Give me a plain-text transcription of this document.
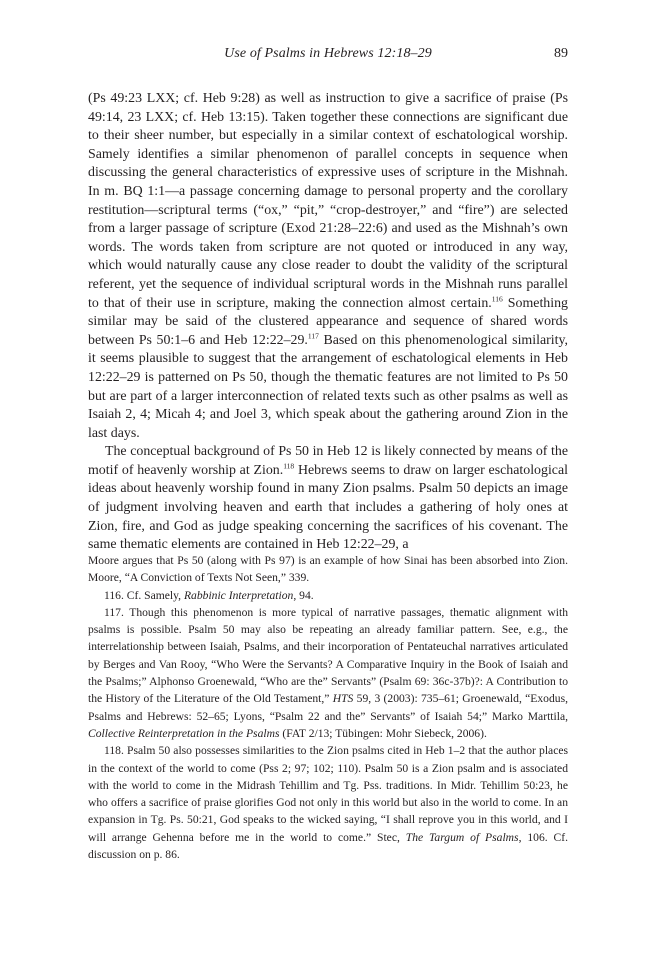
Use of Psalms in Hebrews 12:18–29	89

(Ps 49:23 LXX; cf. Heb 9:28) as well as instruction to give a sacrifice of praise (Ps 49:14, 23 LXX; cf. Heb 13:15). Taken together these connections are significant due to their sheer number, but especially in a similar context of eschatological worship. Samely identifies a similar phenomenon of parallel concepts in sequence when discussing the general characteristics of expressive uses of scripture in the Mishnah. In m. BQ 1:1—a passage concerning damage to personal property and the corollary restitution—scriptural terms (“ox,” “pit,” “crop-destroyer,” and “fire”) are selected from a larger passage of scripture (Exod 21:28–22:6) and used as the Mishnah’s own words. The words taken from scripture are not quoted or introduced in any way, which would naturally cause any close reader to doubt the validity of the scriptural referent, yet the sequence of individual scriptural words in the Mishnah runs parallel to that of their use in scripture, making the connection almost certain.$^{116}$ Something similar may be said of the clustered appearance and sequence of shared words between Ps 50:1–6 and Heb 12:22–29.$^{117}$ Based on this phenomenological similarity, it seems plausible to suggest that the arrangement of eschatological elements in Heb 12:22–29 is patterned on Ps 50, though the thematic features are not limited to Ps 50 but are part of a larger interconnection of related texts such as other psalms as well as Isaiah 2, 4; Micah 4; and Joel 3, which speak about the gathering around Zion in the last days.

The conceptual background of Ps 50 in Heb 12 is likely connected by means of the motif of heavenly worship at Zion.$^{118}$ Hebrews seems to draw on larger eschatological ideas about heavenly worship found in many Zion psalms. Psalm 50 depicts an image of judgment involving heaven and earth that includes a gathering of holy ones at Zion, fire, and God as judge speaking concerning the sacrifices of his covenant. The same thematic elements are contained in Heb 12:22–29, a

Moore argues that Ps 50 (along with Ps 97) is an example of how Sinai has been absorbed into Zion. Moore, “A Conviction of Texts Not Seen,” 339.

116. Cf. Samely, Rabbinic Interpretation, 94.

117. Though this phenomenon is more typical of narrative passages, thematic alignment with psalms is possible. Psalm 50 may also be repeating an already familiar pattern. See, e.g., the interrelationship between Isaiah, Psalms, and their incorporation of Pentateuchal narratives articulated by Berges and Van Rooy, “Who Were the Servants? A Comparative Inquiry in the Book of Isaiah and the Psalms;” Alphonso Groenewald, “Who are the” Servants” (Psalm 69: 36c-37b)?: A Contribution to the History of the Literature of the Old Testament,” HTS 59, 3 (2003): 735–61; Groenewald, “Exodus, Psalms and Hebrews: 52–65; Lyons, “Psalm 22 and the” Servants” of Isaiah 54;” Marko Marttila, Collective Reinterpretation in the Psalms (FAT 2/13; Tübingen: Mohr Siebeck, 2006).

118. Psalm 50 also possesses similarities to the Zion psalms cited in Heb 1–2 that the author places in the context of the world to come (Pss 2; 97; 102; 110). Psalm 50 is a Zion psalm and is associated with the world to come in the Midrash Tehillim and Tg. Pss. traditions. In Midr. Tehillim 50:23, he who offers a sacrifice of praise glorifies God not only in this world but also in the world to come. In an expansion in Tg. Ps. 50:21, God speaks to the wicked saying, “I shall reprove you in this world, and I will arrange Gehenna before me in the world to come.” Stec, The Targum of Psalms, 106. Cf. discussion on p. 86.
